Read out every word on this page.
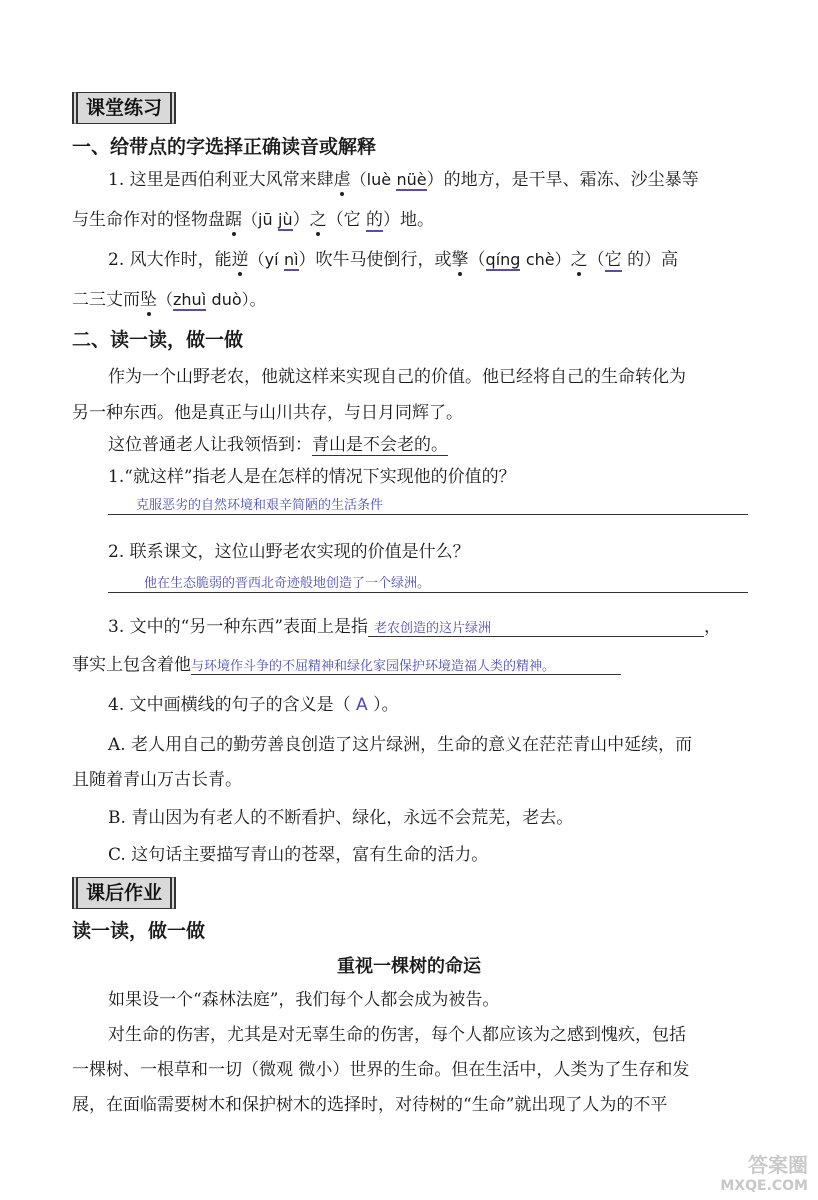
课堂练习
一、给带点的字选择正确读音或解释
1. 这里是西伯利亚大风常来肆虐（luè nüè）的地方，是干旱、霜冻、沙尘暴等
与生命作对的怪物盘踞（jū jù）之（它 的）地。
2. 风大作时，能逆（yí nì）吹牛马使倒行，或擎（qíng chè）之（它 的）高
二三丈而坠（zhuì duò）。
二、读一读，做一做
作为一个山野老农，他就这样来实现自己的价值。他已经将自己的生命转化为
另一种东西。他是真正与山川共存，与日月同辉了。
这位普通老人让我领悟到：青山是不会老的。
1.“就这样”指老人是在怎样的情况下实现他的价值的？
克服恶劣的自然环境和艰辛简陋的生活条件
2. 联系课文，这位山野老农实现的价值是什么？
他在生态脆弱的晋西北奇迹般地创造了一个绿洲。
3. 文中的“另一种东西”表面上是指 老农创造的这片绿洲	，
事实上包含着他与环境作斗争的不屈精神和绿化家园保护环境造福人类的精神。
4. 文中画横线的句子的含义是（ A ）。
A. 老人用自己的勤劳善良创造了这片绿洲，生命的意义在茫茫青山中延续，而
且随着青山万古长青。
B. 青山因为有老人的不断看护、绿化，永远不会荒芜，老去。
C. 这句话主要描写青山的苍翠，富有生命的活力。
课后作业
读一读，做一做
重视一棵树的命运
如果设一个“森林法庭”，我们每个人都会成为被告。
对生命的伤害，尤其是对无辜生命的伤害，每个人都应该为之感到愧疚，包括
一棵树、一根草和一切（微观 微小）世界的生命。但在生活中，人类为了生存和发
展，在面临需要树木和保护树木的选择时，对待树的“生命”就出现了人为的不平
答案圈
MXQE.COM
